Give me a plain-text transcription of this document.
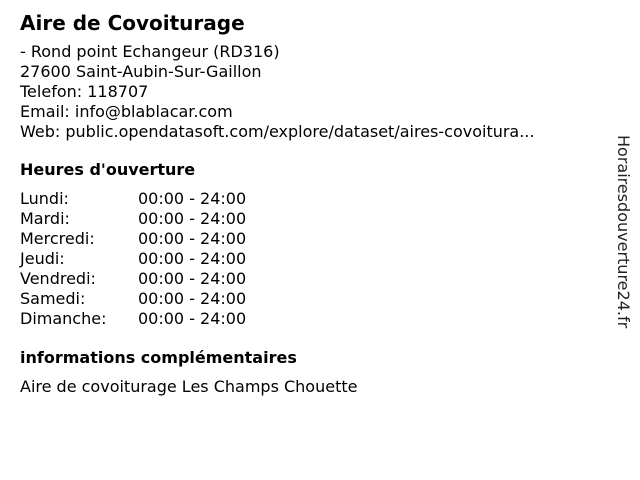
Aire de Covoiturage
- Rond point Echangeur (RD316)
27600 Saint-Aubin-Sur-Gaillon
Telefon: 118707
Email: info@blablacar.com
Web: public.opendatasoft.com/explore/dataset/aires-covoitura...
Heures d'ouverture
Lundi:	00:00 - 24:00
Mardi:	00:00 - 24:00
Mercredi:	00:00 - 24:00
Jeudi:	00:00 - 24:00
Vendredi:	00:00 - 24:00
Samedi:	00:00 - 24:00
Dimanche:	00:00 - 24:00
informations complémentaires
Aire de covoiturage Les Champs Chouette
Horairesdouverture24.fr
